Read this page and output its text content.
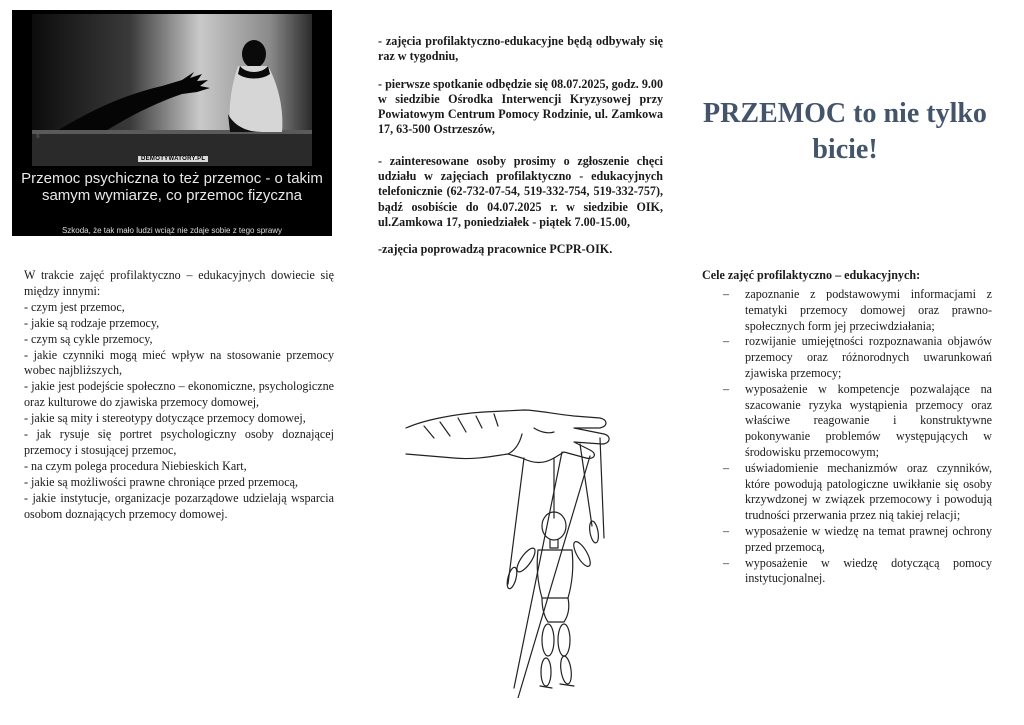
©
DEMOTYWATORY.PL
Przemoc psychiczna to też przemoc - o takim samym wymiarze, co przemoc fizyczna
Szkoda, że tak mało ludzi wciąż nie zdaje sobie z tego sprawy

W trakcie zajęć profilaktyczno – edukacyjnych dowiecie się między innymi:

- czym jest przemoc,

- jakie są rodzaje przemocy,

- czym są cykle przemocy,

- jakie czynniki mogą mieć wpływ na stosowanie przemocy wobec najbliższych,

- jakie jest podejście społeczno – ekonomiczne, psychologiczne oraz kulturowe do zjawiska przemocy domowej,

- jakie są mity i stereotypy dotyczące przemocy domowej,

- jak rysuje się portret psychologiczny osoby doznającej przemocy i stosującej przemoc,

- na czym polega procedura Niebieskich Kart,

- jakie są możliwości prawne chroniące przed przemocą,

- jakie instytucje, organizacje pozarządowe udzielają wsparcia osobom doznających przemocy domowej.

- zajęcia profilaktyczno-edukacyjne będą odbywały się raz w tygodniu,

- pierwsze spotkanie odbędzie się 08.07.2025, godz. 9.00 w siedzibie Ośrodka Interwencji Kryzysowej przy Powiatowym Centrum Pomocy Rodzinie, ul. Zamkowa 17, 63-500 Ostrzeszów,

- zainteresowane osoby prosimy o zgłoszenie chęci udziału w zajęciach profilaktyczno - edukacyjnych telefonicznie (62-732-07-54, 519-332-754, 519-332-757), bądź osobiście do 04.07.2025 r. w siedzibie OIK, ul.Zamkowa 17, poniedziałek - piątek 7.00-15.00,

-zajęcia poprowadzą pracownice PCPR-OIK.

PRZEMOC to nie tylko bicie!
Cele zajęć profilaktyczno – edukacyjnych:
– zapoznanie z podstawowymi informacjami z tematyki przemocy domowej oraz prawno-społecznych form jej przeciwdziałania;
– rozwijanie umiejętności rozpoznawania objawów przemocy oraz różnorodnych uwarunkowań zjawiska przemocy;
– wyposażenie w kompetencje pozwalające na szacowanie ryzyka wystąpienia przemocy oraz właściwe reagowanie i konstruktywne pokonywanie problemów występujących w środowisku przemocowym;
– uświadomienie mechanizmów oraz czynników, które powodują patologiczne uwikłanie się osoby krzywdzonej w związek przemocowy i powodują trudności przerwania przez nią takiej relacji;
– wyposażenie w wiedzę na temat prawnej ochrony przed przemocą,
– wyposażenie w wiedzę dotyczącą pomocy instytucjonalnej.
